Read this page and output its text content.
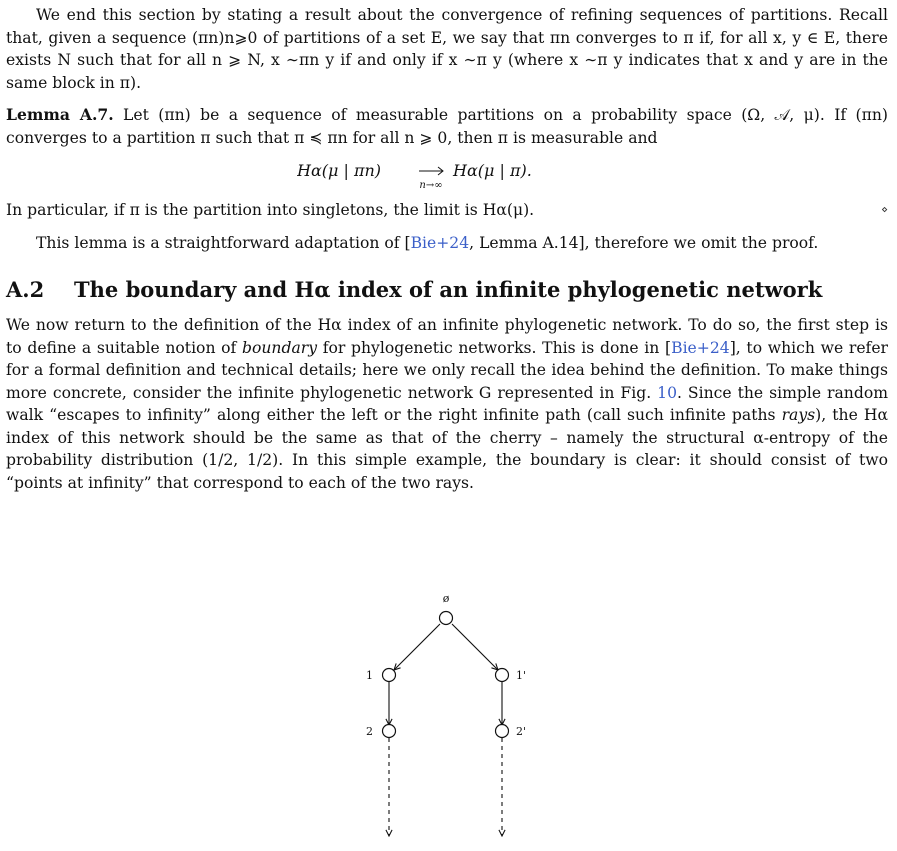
We end this section by stating a result about the convergence of refining sequences of partitions. Recall that, given a sequence (πn)n⩾0 of partitions of a set E, we say that πn converges to π if, for all x, y ∈ E, there exists N such that for all n ⩾ N, x ∼πn y if and only if x ∼π y (where x ∼π y indicates that x and y are in the same block in π).

Lemma A.7. Let (πn) be a sequence of measurable partitions on a probability space (Ω, 𝒜, μ). If (πn) converges to a partition π such that π ≼ πn for all n ⩾ 0, then π is measurable and

Hα(μ | πn)
n→∞
Hα(μ | π).

In particular, if π is the partition into singletons, the limit is Hα(μ).	⋄

This lemma is a straightforward adaptation of [Bie+24, Lemma A.14], therefore we omit the proof.

A.2 The boundary and Hα index of an infinite phylogenetic network

We now return to the definition of the Hα index of an infinite phylogenetic network. To do so, the first step is to define a suitable notion of boundary for phylogenetic networks. This is done in [Bie+24], to which we refer for a formal definition and technical details; here we only recall the idea behind the definition. To make things more concrete, consider the infinite phylogenetic network G represented in Fig. 10. Since the simple random walk “escapes to infinity” along either the left or the right infinite path (call such infinite paths rays), the Hα index of this network should be the same as that of the cherry – namely the structural α-entropy of the probability distribution (1/2, 1/2). In this simple example, the boundary is clear: it should consist of two “points at infinity” that correspond to each of the two rays.

ø
1	1'
2	2'
